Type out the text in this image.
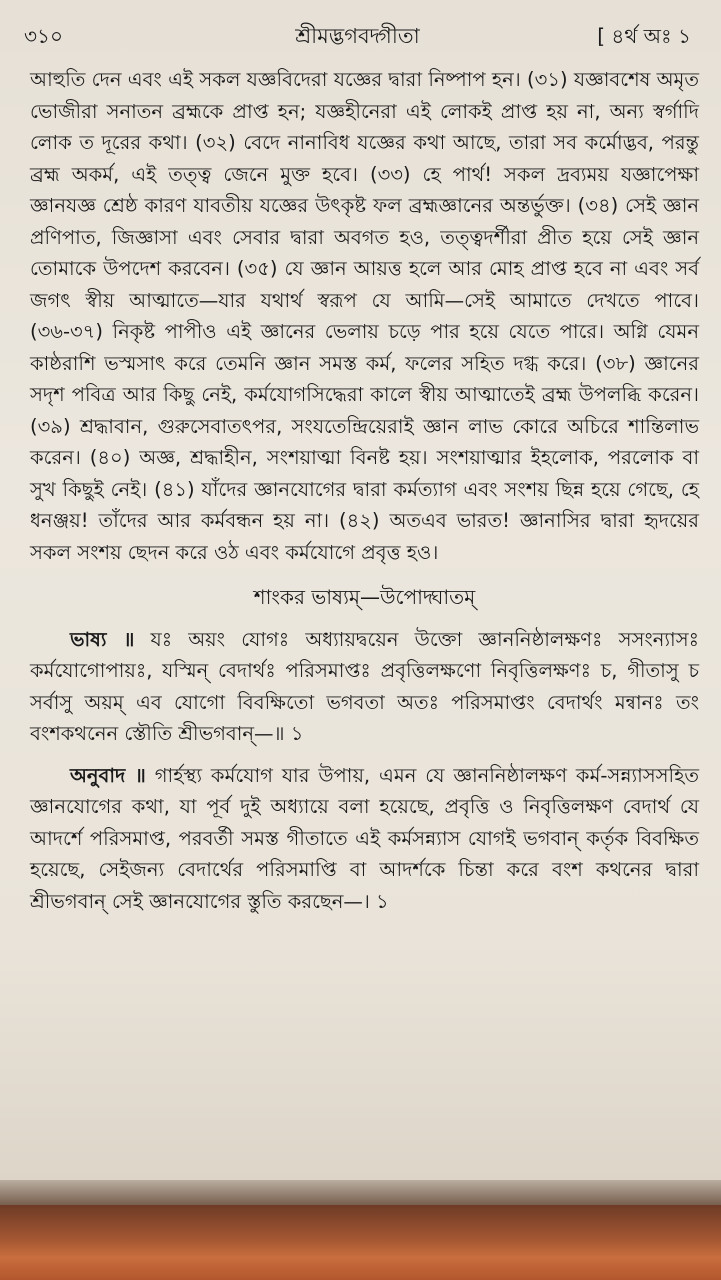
৩১০	শ্রীমদ্ভগবদ্গীতা	[ ৪র্থ অঃ ১

আহুতি দেন এবং এই সকল যজ্ঞবিদেরা যজ্ঞের দ্বারা নিষ্পাপ হন। (৩১) যজ্ঞাবশেষ অমৃত ভোজীরা সনাতন ব্রহ্মকে প্রাপ্ত হন; যজ্ঞহীনেরা এই লোকই প্রাপ্ত হয় না, অন্য স্বর্গাদি লোক ত দূরের কথা। (৩২) বেদে নানাবিধ যজ্ঞের কথা আছে, তারা সব কর্মোদ্ভব, পরন্তু ব্রহ্ম অকর্ম, এই তত্ত্ব জেনে মুক্ত হবে। (৩৩) হে পার্থ! সকল দ্রব্যময় যজ্ঞাপেক্ষা জ্ঞানযজ্ঞ শ্রেষ্ঠ কারণ যাবতীয় যজ্ঞের উৎকৃষ্ট ফল ব্রহ্মজ্ঞানের অন্তর্ভুক্ত। (৩৪) সেই জ্ঞান প্রণিপাত, জিজ্ঞাসা এবং সেবার দ্বারা অবগত হও, তত্ত্বদর্শীরা প্রীত হয়ে সেই জ্ঞান তোমাকে উপদেশ করবেন। (৩৫) যে জ্ঞান আয়ত্ত হলে আর মোহ প্রাপ্ত হবে না এবং সর্ব জগৎ স্বীয় আত্মাতে—যার যথার্থ স্বরূপ যে আমি—সেই আমাতে দেখতে পাবে। (৩৬-৩৭) নিকৃষ্ট পাপীও এই জ্ঞানের ভেলায় চড়ে পার হয়ে যেতে পারে। অগ্নি যেমন কাষ্ঠরাশি ভস্মসাৎ করে তেমনি জ্ঞান সমস্ত কর্ম, ফলের সহিত দগ্ধ করে। (৩৮) জ্ঞানের সদৃশ পবিত্র আর কিছু নেই, কর্মযোগসিদ্ধেরা কালে স্বীয় আত্মাতেই ব্রহ্ম উপলব্ধি করেন। (৩৯) শ্রদ্ধাবান, গুরুসেবাতৎপর, সংযতেন্দ্রিয়েরাই জ্ঞান লাভ কোরে অচিরে শান্তিলাভ করেন। (৪০) অজ্ঞ, শ্রদ্ধাহীন, সংশয়াত্মা বিনষ্ট হয়। সংশয়াত্মার ইহলোক, পরলোক বা সুখ কিছুই নেই। (৪১) যাঁদের জ্ঞানযোগের দ্বারা কর্মত্যাগ এবং সংশয় ছিন্ন হয়ে গেছে, হে ধনঞ্জয়! তাঁদের আর কর্মবন্ধন হয় না। (৪২) অতএব ভারত! জ্ঞানাসির দ্বারা হৃদয়ের সকল সংশয় ছেদন করে ওঠ এবং কর্মযোগে প্রবৃত্ত হও।

শাংকর ভাষ্যম্—উপোদ্ঘাতম্

ভাষ্য ॥ যঃ অয়ং যোগঃ অধ্যায়দ্বয়েন উক্তো জ্ঞাননিষ্ঠালক্ষণঃ সসংন্যাসঃ কর্মযোগোপায়ঃ, যস্মিন্ বেদার্থঃ পরিসমাপ্তঃ প্রবৃত্তিলক্ষণো নিবৃত্তিলক্ষণঃ চ, গীতাসু চ সর্বাসু অয়ম্ এব যোগো বিবক্ষিতো ভগবতা অতঃ পরিসমাপ্তং বেদার্থং মন্বানঃ তং বংশকথনেন স্তৌতি শ্রীভগবান্—॥ ১

অনুবাদ ॥ গার্হস্থ্য কর্মযোগ যার উপায়, এমন যে জ্ঞাননিষ্ঠালক্ষণ কর্ম-সন্ন্যাসসহিত জ্ঞানযোগের কথা, যা পূর্ব দুই অধ্যায়ে বলা হয়েছে, প্রবৃত্তি ও নিবৃত্তিলক্ষণ বেদার্থ যে আদর্শে পরিসমাপ্ত, পরবর্তী সমস্ত গীতাতে এই কর্মসন্ন্যাস যোগই ভগবান্ কর্তৃক বিবক্ষিত হয়েছে, সেইজন্য বেদার্থের পরিসমাপ্তি বা আদর্শকে চিন্তা করে বংশ কথনের দ্বারা শ্রীভগবান্ সেই জ্ঞানযোগের স্তুতি করছেন—। ১
